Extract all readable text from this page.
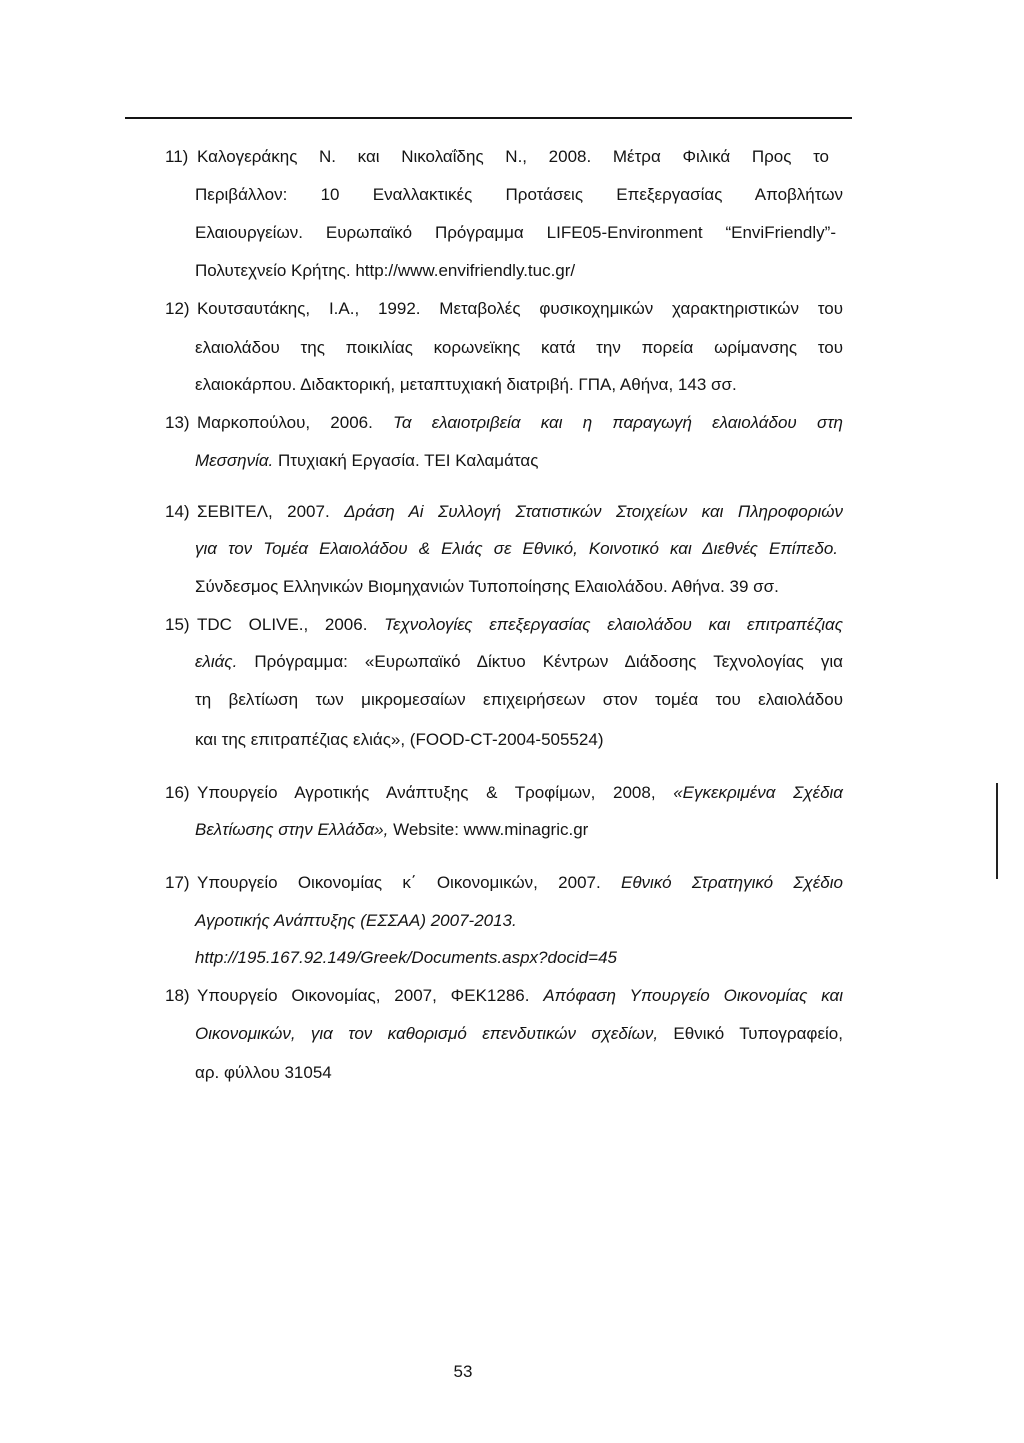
11) Καλογεράκης Ν. και Νικολαΐδης Ν., 2008. Μέτρα Φιλικά Προς το
Περιβάλλον: 10 Εναλλακτικές Προτάσεις Επεξεργασίας Αποβλήτων
Ελαιουργείων. Ευρωπαϊκό Πρόγραμμα LIFE05-Environment “EnviFriendly”-
Πολυτεχνείο Κρήτης. http://www.envifriendly.tuc.gr/
12) Κουτσαυτάκης, Ι.Α., 1992. Μεταβολές φυσικοχημικών χαρακτηριστικών του
ελαιολάδου της ποικιλίας κορωνεϊκης κατά την πορεία ωρίμανσης του
ελαιοκάρπου. Διδακτορική, μεταπτυχιακή διατριβή. ΓΠΑ, Αθήνα, 143 σσ.
13) Μαρκοπούλου, 2006. Τα ελαιοτριβεία και η παραγωγή ελαιολάδου στη
Μεσσηνία. Πτυχιακή Εργασία. ΤΕΙ Καλαμάτας
14) ΣΕΒΙΤΕΛ, 2007. Δράση Αi Συλλογή Στατιστικών Στοιχείων και Πληροφοριών
για τον Τομέα Ελαιολάδου & Ελιάς σε Εθνικό, Κοινοτικό και Διεθνές Επίπεδο.
Σύνδεσμος Ελληνικών Βιομηχανιών Τυποποίησης Ελαιολάδου. Αθήνα. 39 σσ.
15) TDC OLIVE., 2006. Τεχνολογίες επεξεργασίας ελαιολάδου και επιτραπέζιας
ελιάς. Πρόγραμμα: «Ευρωπαϊκό Δίκτυο Κέντρων Διάδοσης Τεχνολογίας για
τη βελτίωση των μικρομεσαίων επιχειρήσεων στον τομέα του ελαιολάδου
και της επιτραπέζιας ελιάς», (FOOD-CT-2004-505524)
16) Υπουργείο Αγροτικής Ανάπτυξης & Τροφίμων, 2008, «Εγκεκριμένα Σχέδια
Βελτίωσης στην Ελλάδα», Website: www.minagric.gr
17) Υπουργείο Οικονομίας κ΄ Οικονομικών, 2007. Εθνικό Στρατηγικό Σχέδιο
Αγροτικής Ανάπτυξης (ΕΣΣΑΑ) 2007-2013.
http://195.167.92.149/Greek/Documents.aspx?docid=45
18) Υπουργείο Οικονομίας, 2007, ΦΕΚ1286. Απόφαση Υπουργείο Οικονομίας και
Οικονομικών, για τον καθορισμό επενδυτικών σχεδίων, Εθνικό Τυπογραφείο,
αρ. φύλλου 31054
53
